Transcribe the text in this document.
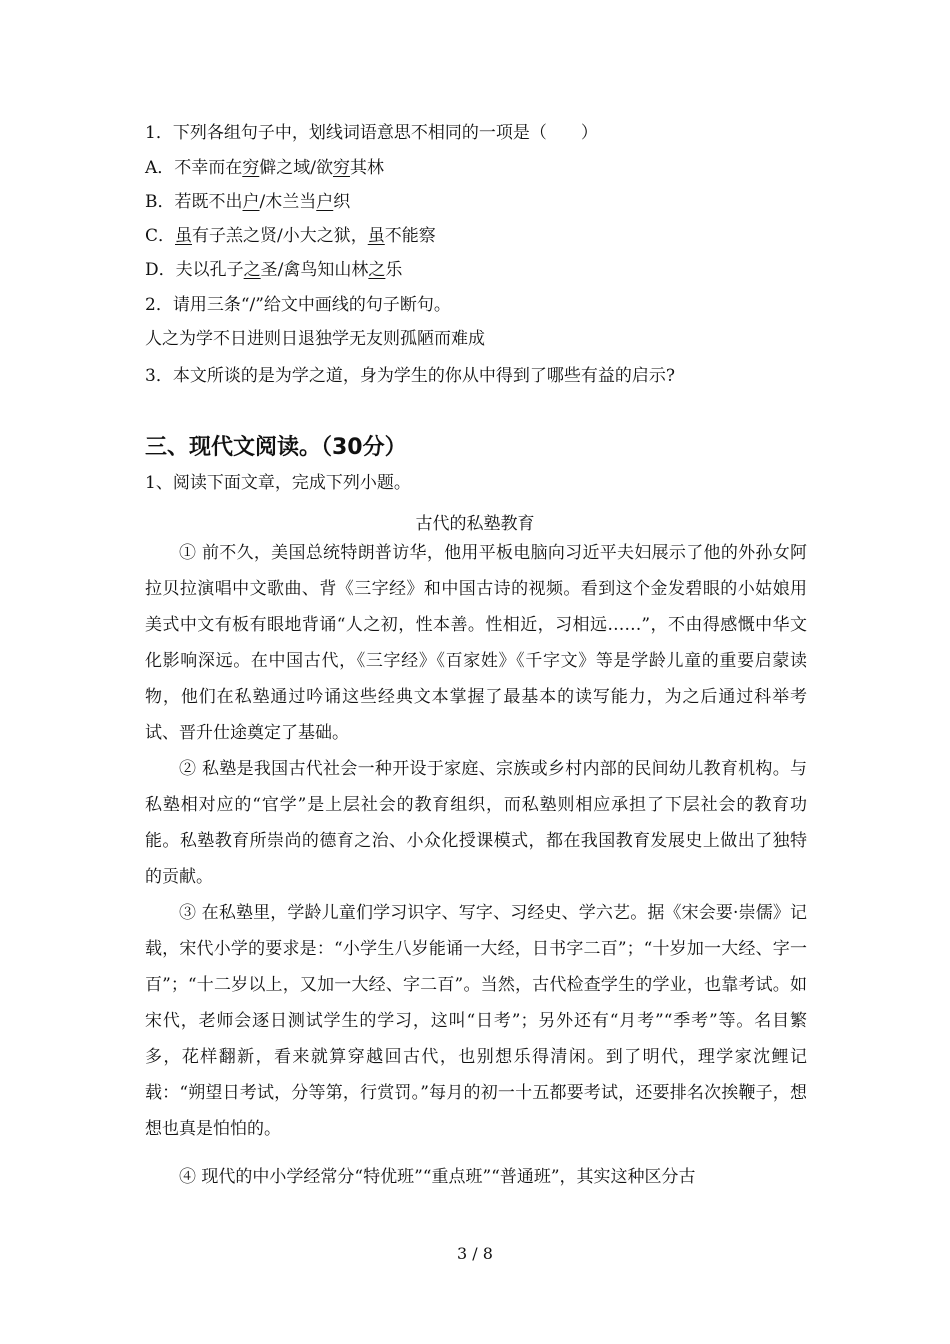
1．下列各组句子中，划线词语意思不相同的一项是（　　）
A．不幸而在穷僻之域/欲穷其林
B．若既不出户/木兰当户织
C．虽有子羔之贤/小大之狱，虽不能察
D．夫以孔子之圣/禽鸟知山林之乐
2．请用三条“/”给文中画线的句子断句。
人之为学不日进则日退独学无友则孤陋而难成
3．本文所谈的是为学之道，身为学生的你从中得到了哪些有益的启示?
三、现代文阅读。（30分）
1、阅读下面文章，完成下列小题。
古代的私塾教育

① 前不久，美国总统特朗普访华，他用平板电脑向习近平夫妇展示了他的外孙女阿拉贝拉演唱中文歌曲、背《三字经》和中国古诗的视频。看到这个金发碧眼的小姑娘用美式中文有板有眼地背诵“人之初，性本善。性相近，习相远……”，不由得感慨中华文化影响深远。在中国古代，《三字经》《百家姓》《千字文》等是学龄儿童的重要启蒙读物，他们在私塾通过吟诵这些经典文本掌握了最基本的读写能力，为之后通过科举考试、晋升仕途奠定了基础。

② 私塾是我国古代社会一种开设于家庭、宗族或乡村内部的民间幼儿教育机构。与私塾相对应的“官学”是上层社会的教育组织，而私塾则相应承担了下层社会的教育功能。私塾教育所崇尚的德育之治、小众化授课模式，都在我国教育发展史上做出了独特的贡献。

③ 在私塾里，学龄儿童们学习识字、写字、习经史、学六艺。据《宋会要·崇儒》记载，宋代小学的要求是：“小学生八岁能诵一大经，日书字二百”；“十岁加一大经、字一百”；“十二岁以上，又加一大经、字二百”。当然，古代检查学生的学业，也靠考试。如宋代，老师会逐日测试学生的学习，这叫“日考”；另外还有“月考”“季考”等。名目繁多，花样翻新，看来就算穿越回古代，也别想乐得清闲。到了明代，理学家沈鲤记载：“朔望日考试，分等第，行赏罚。”每月的初一十五都要考试，还要排名次挨鞭子，想想也真是怕怕的。

④ 现代的中小学经常分“特优班”“重点班”“普通班”，其实这种区分古

3 / 8
